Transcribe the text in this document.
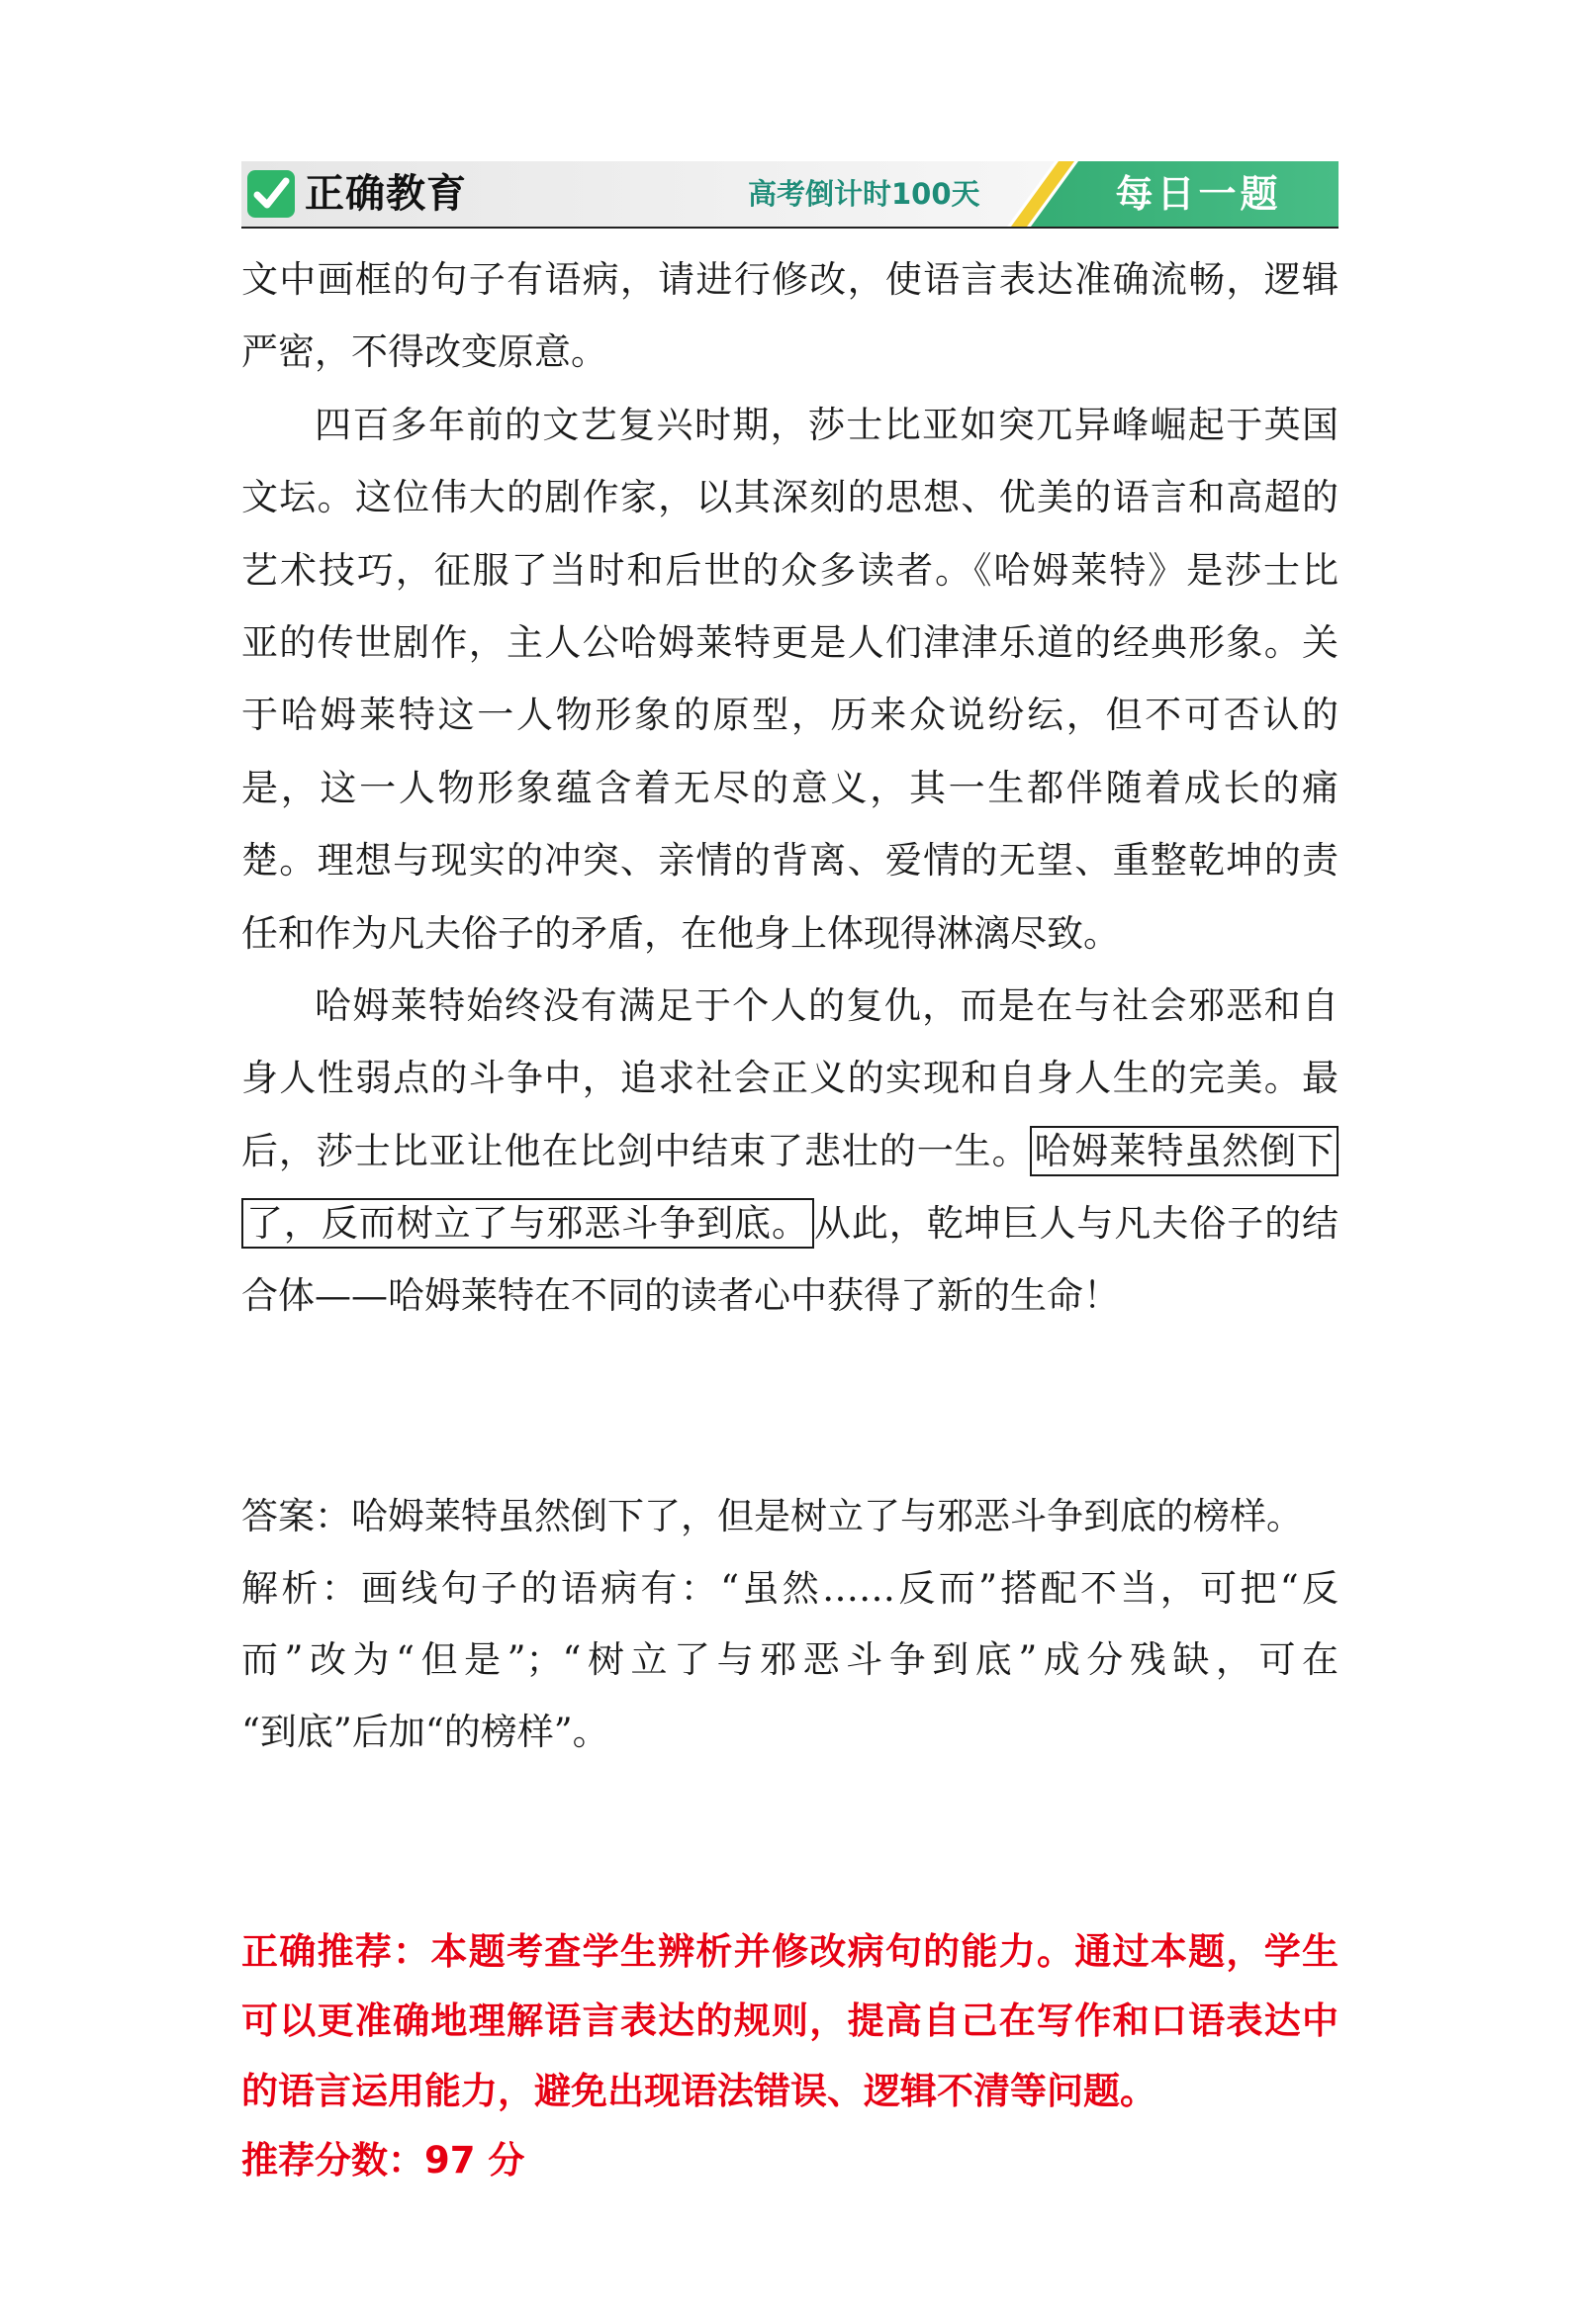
正确教育	高考倒计时100天	每日一题
文中画框的句子有语病，请进行修改，使语言表达准确流畅，逻辑
严密，不得改变原意。
四百多年前的文艺复兴时期，莎士比亚如突兀异峰崛起于英国
文坛。这位伟大的剧作家，以其深刻的思想、优美的语言和高超的
艺术技巧，征服了当时和后世的众多读者。《哈姆莱特》是莎士比
亚的传世剧作，主人公哈姆莱特更是人们津津乐道的经典形象。关
于哈姆莱特这一人物形象的原型，历来众说纷纭，但不可否认的
是，这一人物形象蕴含着无尽的意义，其一生都伴随着成长的痛
楚。理想与现实的冲突、亲情的背离、爱情的无望、重整乾坤的责
任和作为凡夫俗子的矛盾，在他身上体现得淋漓尽致。
哈姆莱特始终没有满足于个人的复仇，而是在与社会邪恶和自
身人性弱点的斗争中，追求社会正义的实现和自身人生的完美。最
后，莎士比亚让他在比剑中结束了悲壮的一生。 哈姆莱特虽然倒下
了，反而树立了与邪恶斗争到底。 从此，乾坤巨人与凡夫俗子的结
合体——哈姆莱特在不同的读者心中获得了新的生命！
答案：哈姆莱特虽然倒下了，但是树立了与邪恶斗争到底的榜样。
解析：画线句子的语病有：“虽然……反而”搭配不当，可把“反
而”改为“但是”；“树立了与邪恶斗争到底”成分残缺，可在
“到底”后加“的榜样”。
正确推荐：本题考查学生辨析并修改病句的能力。通过本题，学生
可以更准确地理解语言表达的规则，提高自己在写作和口语表达中
的语言运用能力，避免出现语法错误、逻辑不清等问题。
推荐分数：97 分
